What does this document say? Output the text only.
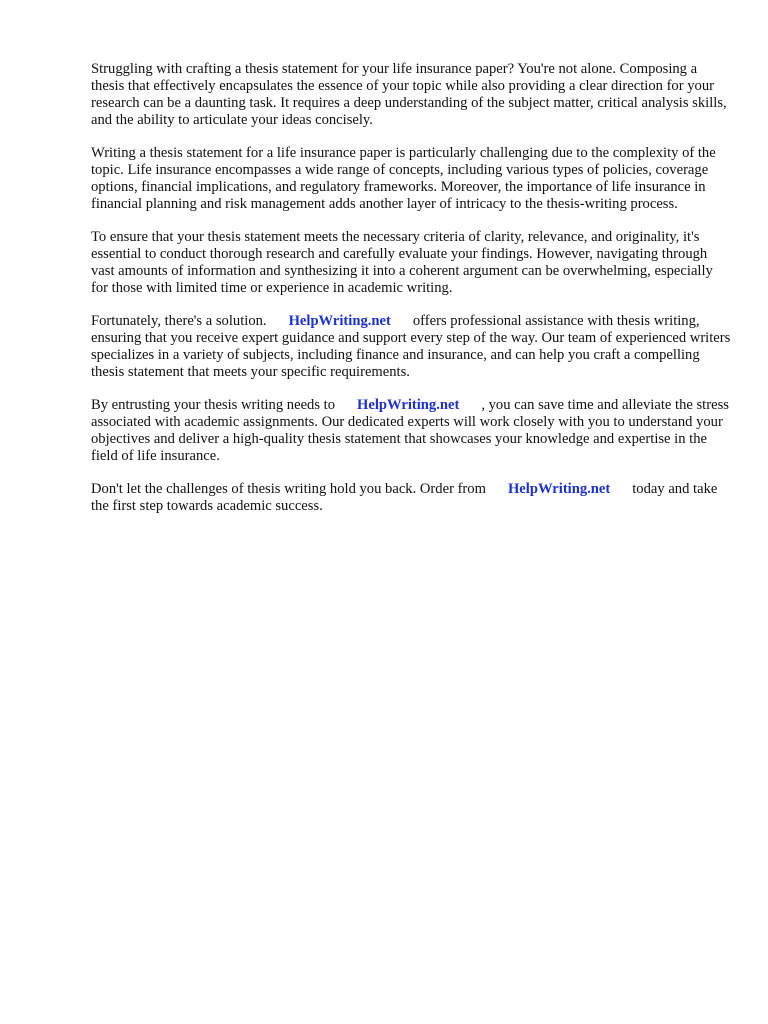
Struggling with crafting a thesis statement for your life insurance paper? You're not alone. Composing a thesis that effectively encapsulates the essence of your topic while also providing a clear direction for your research can be a daunting task. It requires a deep understanding of the subject matter, critical analysis skills, and the ability to articulate your ideas concisely.

Writing a thesis statement for a life insurance paper is particularly challenging due to the complexity of the topic. Life insurance encompasses a wide range of concepts, including various types of policies, coverage options, financial implications, and regulatory frameworks. Moreover, the importance of life insurance in financial planning and risk management adds another layer of intricacy to the thesis-writing process.

To ensure that your thesis statement meets the necessary criteria of clarity, relevance, and originality, it's essential to conduct thorough research and carefully evaluate your findings. However, navigating through vast amounts of information and synthesizing it into a coherent argument can be overwhelming, especially for those with limited time or experience in academic writing.

Fortunately, there's a solution. HelpWriting.net offers professional assistance with thesis writing, ensuring that you receive expert guidance and support every step of the way. Our team of experienced writers specializes in a variety of subjects, including finance and insurance, and can help you craft a compelling thesis statement that meets your specific requirements.

By entrusting your thesis writing needs to HelpWriting.net , you can save time and alleviate the stress associated with academic assignments. Our dedicated experts will work closely with you to understand your objectives and deliver a high-quality thesis statement that showcases your knowledge and expertise in the field of life insurance.

Don't let the challenges of thesis writing hold you back. Order from HelpWriting.net today and take the first step towards academic success.
